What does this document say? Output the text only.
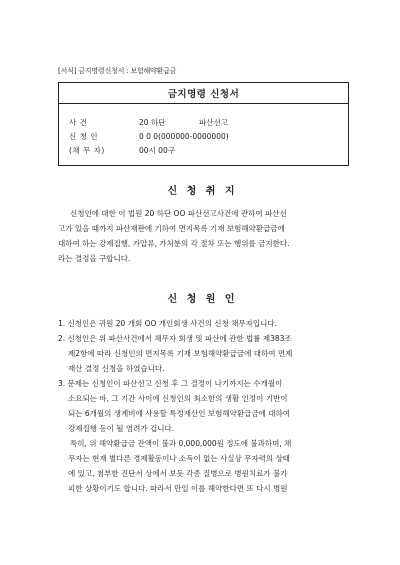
[서식] 금지명령신청서 : 보험해약환급금
금지명령 신청서
사 건	20 하단	파산선고
신 청 인	0 0 0(000000-0000000)
(채 무 자)	00시 00구
신 청 취 지
신청인에 대한 이 법원 20 하단 OO 파산선고사건에 관하여 파산선
고가 있을 때까지 파산재판에 기하여 면지목록 기재 보험해약환급금에
대하여 하는 강제집행, 가압류, 가처분의 각 절차 또는 행위를 금지한다.
라는 결정을 구합니다.
신 청 원 인
1. 신청인은 귀원 20 개회 OO 개인회생 사건의 신청 채무자입니다.
2. 신청인은 위 파산사건에서 채무자 회생 및 파산에 관한 법률 제383조
제2항에 따라 신청인의 면지목록 기재 보험해약환급금에 대하여 면제
재산 결정 신청을 하였습니다.
3. 문제는 신청인이 파산선고 신청 후 그 결정이 나기까지는 수개월이
소요되는 바, 그 기간 사이에 신청인의 최소한의 생활 인정이 기반이
되는 6개월의 생계비에 사용할 특정재산인 보험해약환급금에 대하여
강제집행 등이 될 염려가 겁니다.
특히, 위 해약환급금 잔액이 불과 0,000,000원 정도에 불과하며, 채
무자는 현재 별다른 경제활동이나 소득이 없는 사실상 무자력의 상태
에 있고, 첨부한 진단서 상에서 보듯 각종 질병으로 병원치료가 불가
피한 상황이기도 합니다. 따라서 만일 이를 해약한다면 또 다시 병원
